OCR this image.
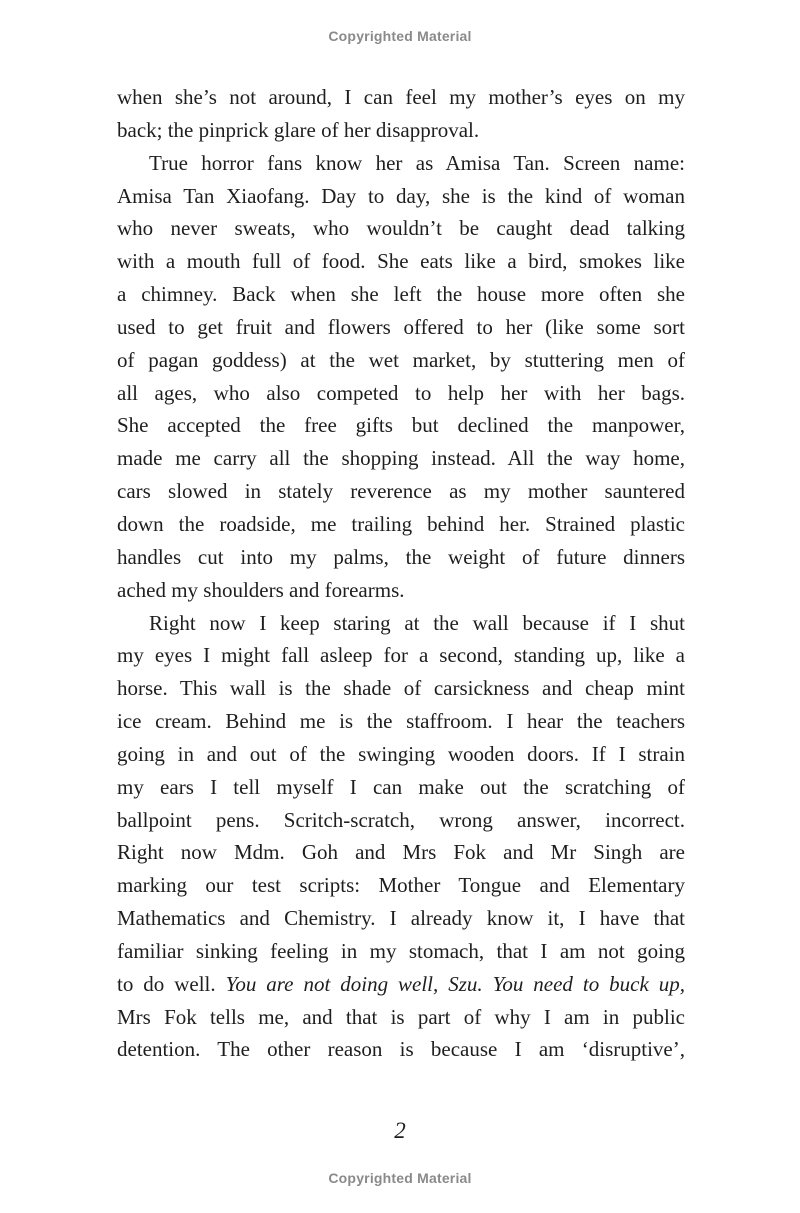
Copyrighted Material
when she’s not around, I can feel my mother’s eyes on my
back; the pinprick glare of her disapproval.
True horror fans know her as Amisa Tan. Screen name:
Amisa Tan Xiaofang. Day to day, she is the kind of woman
who never sweats, who wouldn’t be caught dead talking
with a mouth full of food. She eats like a bird, smokes like
a chimney. Back when she left the house more often she
used to get fruit and flowers offered to her (like some sort
of pagan goddess) at the wet market, by stuttering men of
all ages, who also competed to help her with her bags.
She accepted the free gifts but declined the manpower,
made me carry all the shopping instead. All the way home,
cars slowed in stately reverence as my mother sauntered
down the roadside, me trailing behind her. Strained plastic
handles cut into my palms, the weight of future dinners
ached my shoulders and forearms.
Right now I keep staring at the wall because if I shut
my eyes I might fall asleep for a second, standing up, like a
horse. This wall is the shade of carsickness and cheap mint
ice cream. Behind me is the staffroom. I hear the teachers
going in and out of the swinging wooden doors. If I strain
my ears I tell myself I can make out the scratching of
ballpoint pens. Scritch-scratch, wrong answer, incorrect.
Right now Mdm. Goh and Mrs Fok and Mr Singh are
marking our test scripts: Mother Tongue and Elementary
Mathematics and Chemistry. I already know it, I have that
familiar sinking feeling in my stomach, that I am not going
to do well. You are not doing well, Szu. You need to buck up,
Mrs Fok tells me, and that is part of why I am in public
detention. The other reason is because I am ‘disruptive’,
2
Copyrighted Material
